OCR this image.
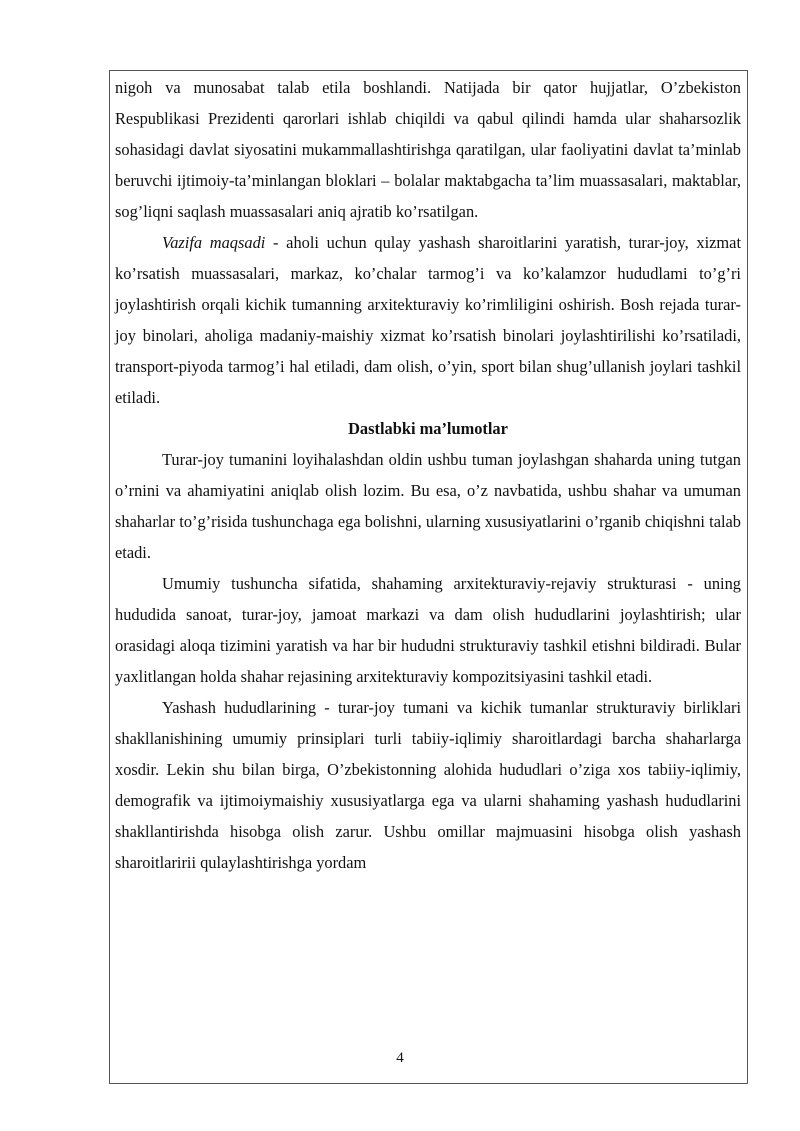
nigoh va munosabat talab etila boshlandi. Natijada bir qator hujjatlar, O’zbekiston Respublikasi Prezidenti qarorlari ishlab chiqildi va qabul qilindi hamda ular shaharsozlik sohasidagi davlat siyosatini mukammallashtirishga qaratilgan, ular faoliyatini davlat ta’minlab beruvchi ijtimoiy-ta’minlangan bloklari – bolalar maktabgacha ta’lim muassasalari, maktablar, sog’liqni saqlash muassasalari aniq ajratib ko’rsatilgan.

Vazifa maqsadi - aholi uchun qulay yashash sharoitlarini yaratish, turar-joy, xizmat ko’rsatish muassasalari, markaz, ko’chalar tarmog’i va ko’kalamzor hududlami to’g’ri joylashtirish orqali kichik tumanning arxitekturaviy ko’rimliligini oshirish. Bosh rejada turar-joy binolari, aholiga madaniy-maishiy xizmat ko’rsatish binolari joylashtirilishi ko’rsatiladi, transport-piyoda tarmog’i hal etiladi, dam olish, o’yin, sport bilan shug’ullanish joylari tashkil etiladi.

Dastlabki ma’lumotlar

Turar-joy tumanini loyihalashdan oldin ushbu tuman joylashgan shaharda uning tutgan o’rnini va ahamiyatini aniqlab olish lozim. Bu esa, o’z navbatida, ushbu shahar va umuman shaharlar to’g’risida tushunchaga ega bolishni, ularning xususiyatlarini o’rganib chiqishni talab etadi.

Umumiy tushuncha sifatida, shahaming arxitekturaviy-rejaviy strukturasi - uning hududida sanoat, turar-joy, jamoat markazi va dam olish hududlarini joylashtirish; ular orasidagi aloqa tizimini yaratish va har bir hududni strukturaviy tashkil etishni bildiradi. Bular yaxlitlangan holda shahar rejasining arxitekturaviy kompozitsiyasini tashkil etadi.

Yashash hududlarining - turar-joy tumani va kichik tumanlar strukturaviy birliklari shakllanishining umumiy prinsiplari turli tabiiy-iqlimiy sharoitlardagi barcha shaharlarga xosdir. Lekin shu bilan birga, O’zbekistonning alohida hududlari o’ziga xos tabiiy-iqlimiy, demografik va ijtimoiymaishiy xususiyatlarga ega va ularni shahaming yashash hududlarini shakllantirishda hisobga olish zarur. Ushbu omillar majmuasini hisobga olish yashash sharoitlaririi qulaylashtirishga yordam

4
